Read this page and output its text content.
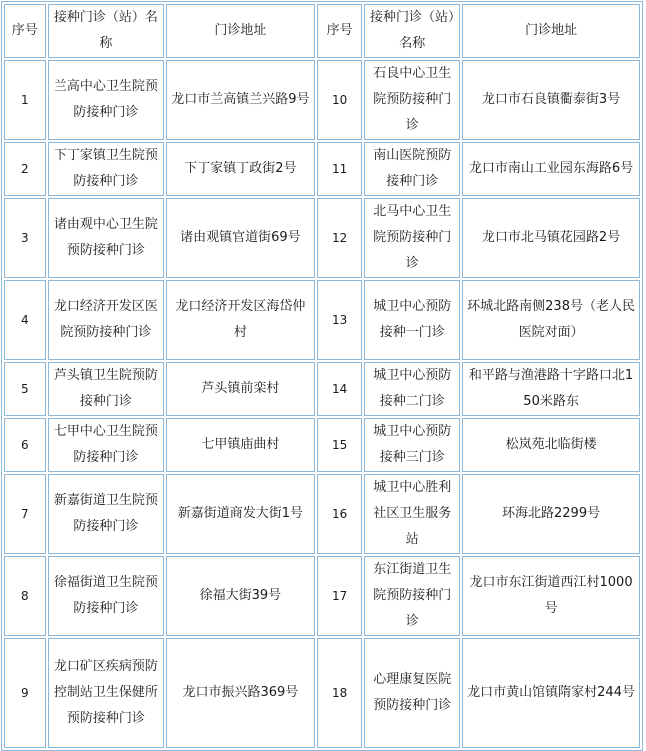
序号	接种门诊（站）名称	门诊地址	序号	接种门诊（站）名称	门诊地址
1	兰高中心卫生院预防接种门诊	龙口市兰高镇兰兴路9号	10	石良中心卫生院预防接种门诊	龙口市石良镇衢泰街3号
2	下丁家镇卫生院预防接种门诊	下丁家镇丁政街2号	11	南山医院预防接种门诊	龙口市南山工业园东海路6号
3	诸由观中心卫生院预防接种门诊	诸由观镇官道街69号	12	北马中心卫生院预防接种门诊	龙口市北马镇花园路2号
4	龙口经济开发区医院预防接种门诊	龙口经济开发区海岱仲村	13	城卫中心预防接种一门诊	环城北路南侧238号（老人民医院对面）
5	芦头镇卫生院预防接种门诊	芦头镇前栾村	14	城卫中心预防接种二门诊	和平路与渔港路十字路口北150米路东
6	七甲中心卫生院预防接种门诊	七甲镇庙曲村	15	城卫中心预防接种三门诊	松岚苑北临街楼
7	新嘉街道卫生院预防接种门诊	新嘉街道商发大街1号	16	城卫中心胜利社区卫生服务站	环海北路2299号
8	徐福街道卫生院预防接种门诊	徐福大街39号	17	东江街道卫生院预防接种门诊	龙口市东江街道西江村1000号
9	龙口矿区疾病预防控制站卫生保健所预防接种门诊	龙口市振兴路369号	18	心理康复医院预防接种门诊	龙口市黄山馆镇隋家村244号
